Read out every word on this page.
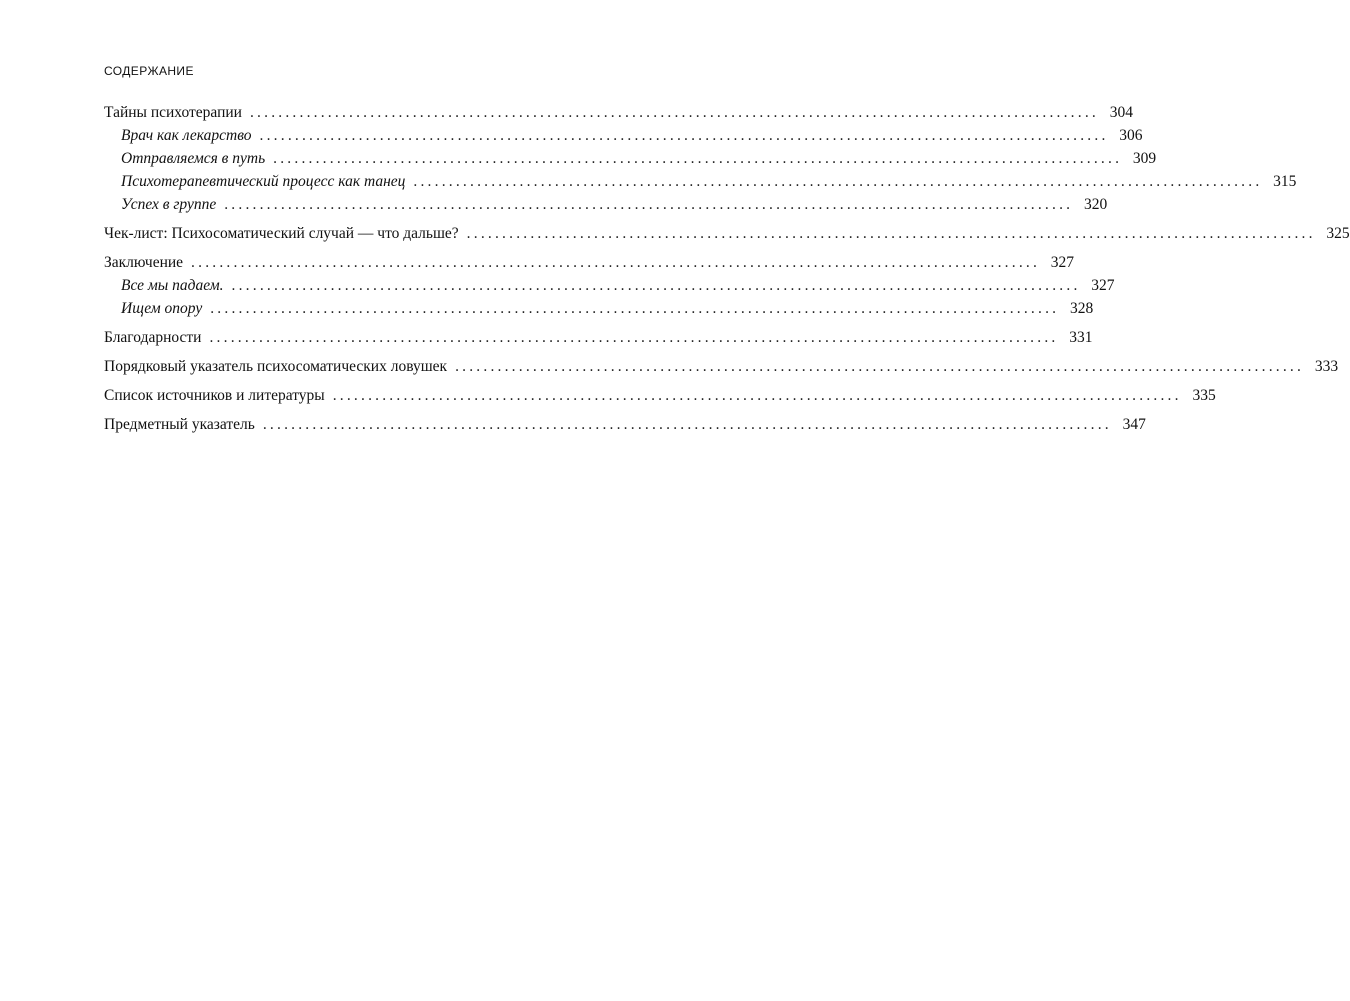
СОДЕРЖАНИЕ
Тайны психотерапии ........................................................................................................................ 304
Врач как лекарство ........................................................................................................................ 306
Отправляемся в путь ........................................................................................................................ 309
Психотерапевтический процесс как танец ........................................................................................................................ 315
Успех в группе ........................................................................................................................ 320
Чек-лист: Психосоматический случай — что дальше? ........................................................................................................................ 325
Заключение ........................................................................................................................ 327
Все мы падаем. ........................................................................................................................ 327
Ищем опору ........................................................................................................................ 328
Благодарности ........................................................................................................................ 331
Порядковый указатель психосоматических ловушек ........................................................................................................................ 333
Список источников и литературы ........................................................................................................................ 335
Предметный указатель ........................................................................................................................ 347
